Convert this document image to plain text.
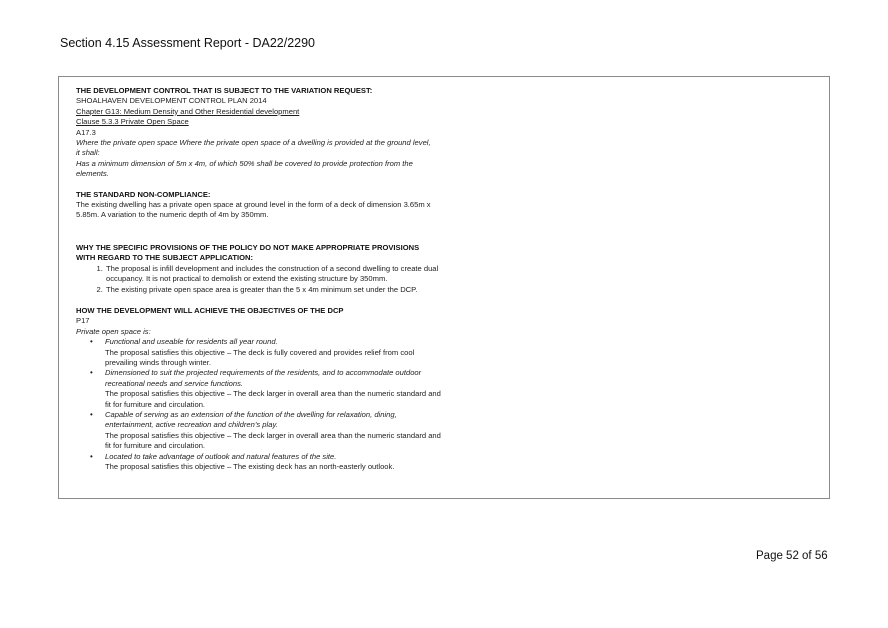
Section 4.15 Assessment Report - DA22/2290

THE DEVELOPMENT CONTROL THAT IS SUBJECT TO THE VARIATION REQUEST:

SHOALHAVEN DEVELOPMENT CONTROL PLAN 2014

Chapter G13: Medium Density and Other Residential development

Clause 5.3.3 Private Open Space

A17.3

Where the private open space Where the private open space of a dwelling is provided at the ground level,

it shall:

Has a minimum dimension of 5m x 4m, of which 50% shall be covered to provide protection from the

elements.

THE STANDARD NON-COMPLIANCE:

The existing dwelling has a private open space at ground level in the form of a deck of dimension 3.65m x

5.85m. A variation to the numeric depth of 4m by 350mm.

WHY THE SPECIFIC PROVISIONS OF THE POLICY DO NOT MAKE APPROPRIATE PROVISIONS

WITH REGARD TO THE SUBJECT APPLICATION:

1. The proposal is infill development and includes the construction of a second dwelling to create dual
occupancy. It is not practical to demolish or extend the existing structure by 350mm.
2. The existing private open space area is greater than the 5 x 4m minimum set under the DCP.

HOW THE DEVELOPMENT WILL ACHIEVE THE OBJECTIVES OF THE DCP

P17

Private open space is:

• Functional and useable for residents all year round.
The proposal satisfies this objective – The deck is fully covered and provides relief from cool
prevailing winds through winter.
• Dimensioned to suit the projected requirements of the residents, and to accommodate outdoor
recreational needs and service functions.
The proposal satisfies this objective – The deck larger in overall area than the numeric standard and
fit for furniture and circulation.
• Capable of serving as an extension of the function of the dwelling for relaxation, dining,
entertainment, active recreation and children’s play.
The proposal satisfies this objective – The deck larger in overall area than the numeric standard and
fit for furniture and circulation.
• Located to take advantage of outlook and natural features of the site.
The proposal satisfies this objective – The existing deck has an north-easterly outlook.
Page 52 of 56
